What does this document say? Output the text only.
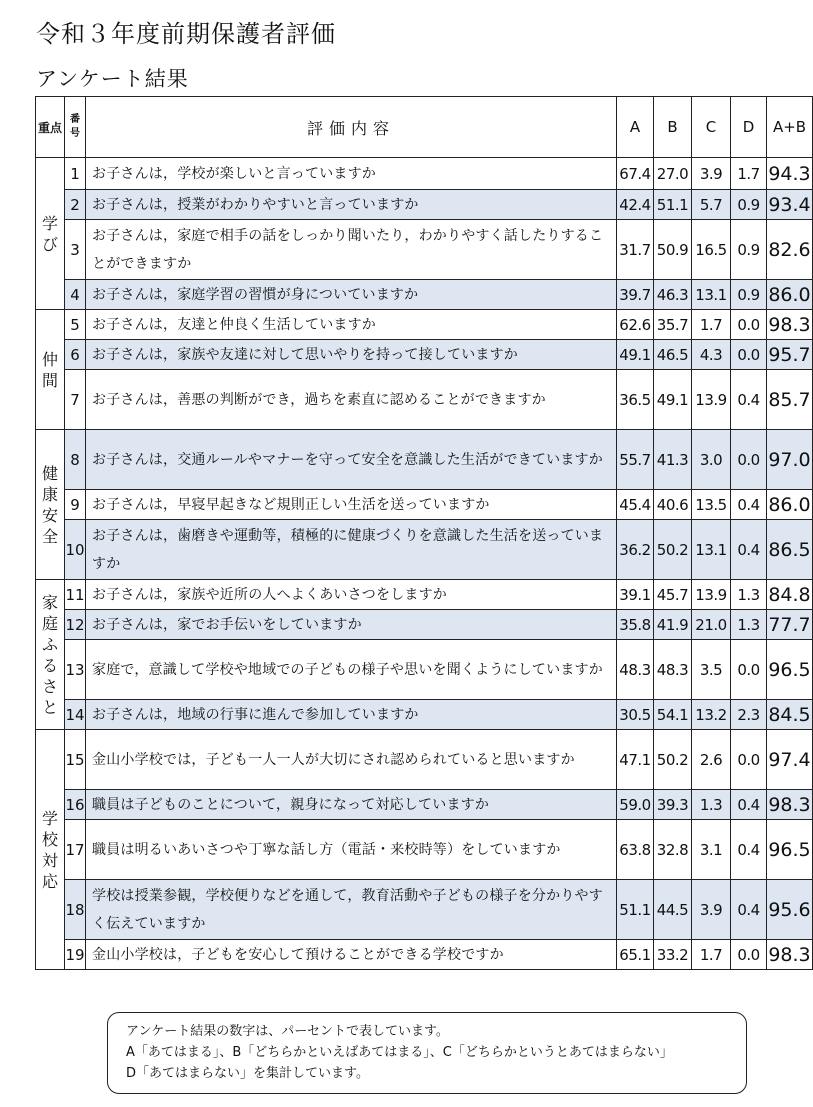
令和３年度前期保護者評価
アンケート結果
重点	番号	評価内容	A	B	C	D	A+B
学び	1	お子さんは，学校が楽しいと言っていますか	67.4	27.0	3.9	1.7	94.3
	2	お子さんは，授業がわかりやすいと言っていますか	42.4	51.1	5.7	0.9	93.4
	3	お子さんは，家庭で相手の話をしっかり聞いたり，わかりやすく話したりすることができますか	31.7	50.9	16.5	0.9	82.6
	4	お子さんは，家庭学習の習慣が身についていますか	39.7	46.3	13.1	0.9	86.0
仲間	5	お子さんは，友達と仲良く生活していますか	62.6	35.7	1.7	0.0	98.3
	6	お子さんは，家族や友達に対して思いやりを持って接していますか	49.1	46.5	4.3	0.0	95.7
	7	お子さんは，善悪の判断ができ，過ちを素直に認めることができますか	36.5	49.1	13.9	0.4	85.7
健康安全	8	お子さんは，交通ルールやマナーを守って安全を意識した生活ができていますか	55.7	41.3	3.0	0.0	97.0
	9	お子さんは，早寝早起きなど規則正しい生活を送っていますか	45.4	40.6	13.5	0.4	86.0
	10	お子さんは，歯磨きや運動等，積極的に健康づくりを意識した生活を送っていますか	36.2	50.2	13.1	0.4	86.5
家庭ふるさと	11	お子さんは，家族や近所の人へよくあいさつをしますか	39.1	45.7	13.9	1.3	84.8
	12	お子さんは，家でお手伝いをしていますか	35.8	41.9	21.0	1.3	77.7
	13	家庭で，意識して学校や地域での子どもの様子や思いを聞くようにしていますか	48.3	48.3	3.5	0.0	96.5
	14	お子さんは，地域の行事に進んで参加していますか	30.5	54.1	13.2	2.3	84.5
学校対応	15	金山小学校では，子ども一人一人が大切にされ認められていると思いますか	47.1	50.2	2.6	0.0	97.4
	16	職員は子どものことについて，親身になって対応していますか	59.0	39.3	1.3	0.4	98.3
	17	職員は明るいあいさつや丁寧な話し方（電話・来校時等）をしていますか	63.8	32.8	3.1	0.4	96.5
	18	学校は授業参観，学校便りなどを通して，教育活動や子どもの様子を分かりやすく伝えていますか	51.1	44.5	3.9	0.4	95.6
	19	金山小学校は，子どもを安心して預けることができる学校ですか	65.1	33.2	1.7	0.0	98.3
アンケート結果の数字は、パーセントで表しています。
A「あてはまる」、B「どちらかといえばあてはまる」、C「どちらかというとあてはまらない」
D「あてはまらない」を集計しています。
